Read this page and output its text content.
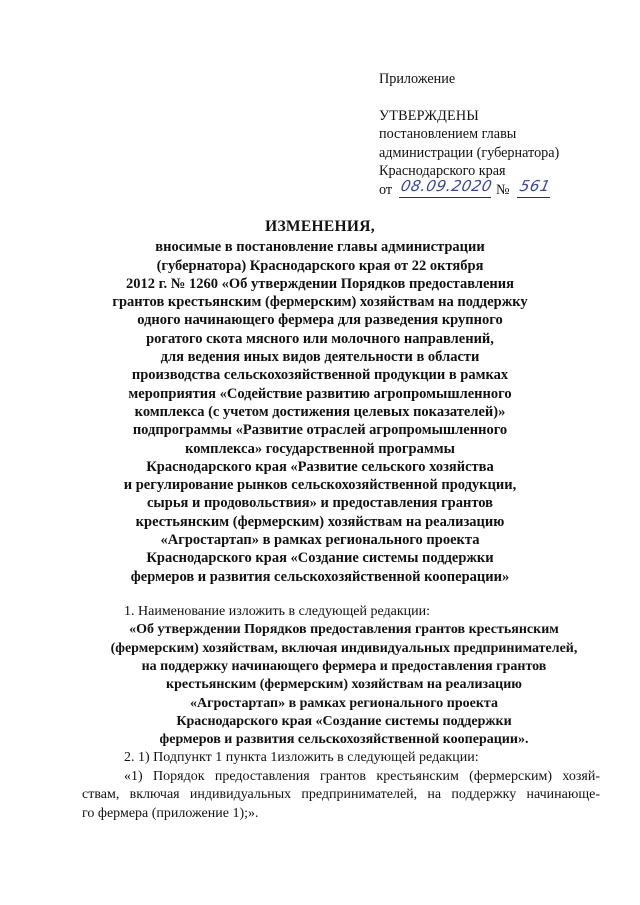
Приложение
УТВЕРЖДЕНЫ
постановлением главы
администрации (губернатора)
Краснодарского края
от 08.09.2020 № 561
ИЗМЕНЕНИЯ,
вносимые в постановление главы администрации
(губернатора) Краснодарского края от 22 октября
2012 г. № 1260 «Об утверждении Порядков предоставления
грантов крестьянским (фермерским) хозяйствам на поддержку
одного начинающего фермера для разведения крупного
рогатого скота мясного или молочного направлений,
для ведения иных видов деятельности в области
производства сельскохозяйственной продукции в рамках
мероприятия «Содействие развитию агропромышленного
комплекса (с учетом достижения целевых показателей)»
подпрограммы «Развитие отраслей агропромышленного
комплекса» государственной программы
Краснодарского края «Развитие сельского хозяйства
и регулирование рынков сельскохозяйственной продукции,
сырья и продовольствия» и предоставления грантов
крестьянским (фермерским) хозяйствам на реализацию
«Агростартап» в рамках регионального проекта
Краснодарского края «Создание системы поддержки
фермеров и развития сельскохозяйственной кооперации»
1. Наименование изложить в следующей редакции:
«Об утверждении Порядков предоставления грантов крестьянским
(фермерским) хозяйствам, включая индивидуальных предпринимателей,
на поддержку начинающего фермера и предоставления грантов
крестьянским (фермерским) хозяйствам на реализацию
«Агростартап» в рамках регионального проекта
Краснодарского края «Создание системы поддержки
фермеров и развития сельскохозяйственной кооперации».
2. 1) Подпункт 1 пункта 1изложить в следующей редакции:
«1) Порядок предоставления грантов крестьянским (фермерским) хозяй-
ствам, включая индивидуальных предпринимателей, на поддержку начинающе-
го фермера (приложение 1);».
